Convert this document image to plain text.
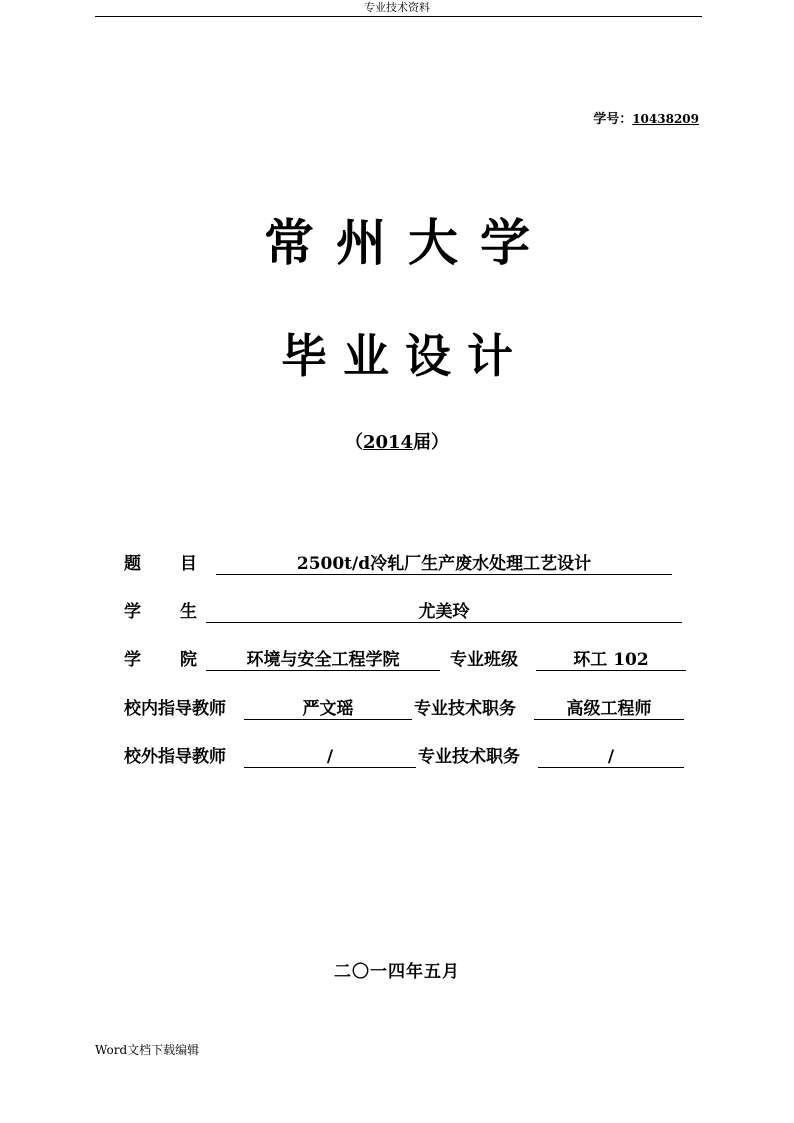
专业技术资料
学号：10438209
常州大学
毕业设计
（2014届）
题 目	2500t/d冷轧厂生产废水处理工艺设计
学 生	尤美玲
学 院	环境与安全工程学院	专业班级	环工 102
校内指导教师	严文瑶	专业技术职务	高级工程师
校外指导教师	/	专业技术职务	/
二〇一四年五月
Word文档下载编辑
